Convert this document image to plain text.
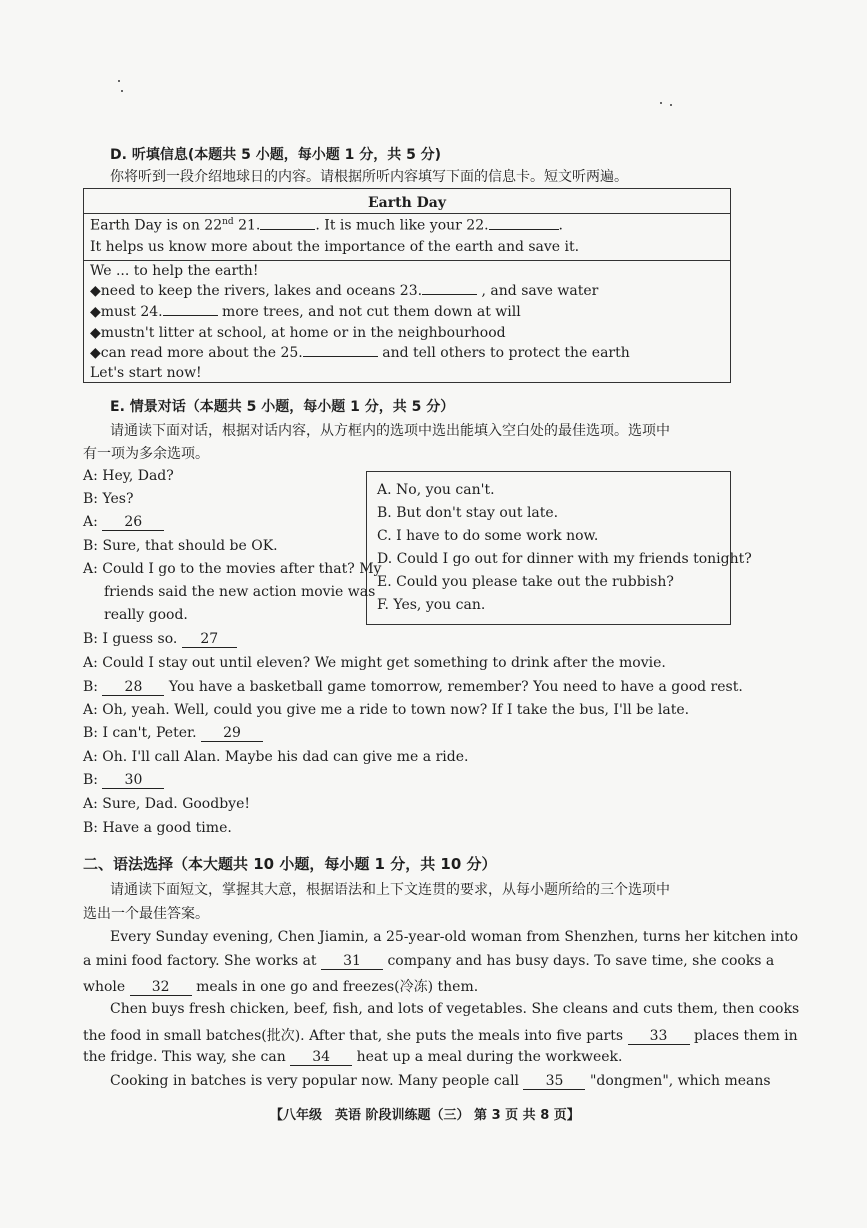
D. 听填信息(本题共 5 小题，每小题 1 分，共 5 分)
你将听到一段介绍地球日的内容。请根据所听内容填写下面的信息卡。短文听两遍。
Earth Day
Earth Day is on 22nd 21.	. It is much like your 22.	.
It helps us know more about the importance of the earth and save it.
We ... to help the earth!
◆need to keep the rivers, lakes and oceans 23.	, and save water
◆must 24.	more trees, and not cut them down at will
◆mustn't litter at school, at home or in the neighbourhood
◆can read more about the 25.	and tell others to protect the earth
Let's start now!
E. 情景对话（本题共 5 小题，每小题 1 分，共 5 分）
请通读下面对话，根据对话内容，从方框内的选项中选出能填入空白处的最佳选项。选项中
有一项为多余选项。
A. No, you can't.
B. But don't stay out late.
C. I have to do some work now.
D. Could I go out for dinner with my friends tonight?
E. Could you please take out the rubbish?
F. Yes, you can.
A: Hey, Dad?
B: Yes?
A: 26
B: Sure, that should be OK.
A: Could I go to the movies after that? My
friends said the new action movie was
really good.
B: I guess so. 27
A: Could I stay out until eleven? We might get something to drink after the movie.
B: 28 You have a basketball game tomorrow, remember? You need to have a good rest.
A: Oh, yeah. Well, could you give me a ride to town now? If I take the bus, I'll be late.
B: I can't, Peter. 29
A: Oh. I'll call Alan. Maybe his dad can give me a ride.
B: 30
A: Sure, Dad. Goodbye!
B: Have a good time.
二、语法选择（本大题共 10 小题，每小题 1 分，共 10 分）
请通读下面短文，掌握其大意，根据语法和上下文连贯的要求，从每小题所给的三个选项中
选出一个最佳答案。
Every Sunday evening, Chen Jiamin, a 25-year-old woman from Shenzhen, turns her kitchen into
a mini food factory. She works at 31 company and has busy days. To save time, she cooks a
whole 32 meals in one go and freezes(冷冻) them.
Chen buys fresh chicken, beef, fish, and lots of vegetables. She cleans and cuts them, then cooks
the food in small batches(批次). After that, she puts the meals into five parts 33 places them in
the fridge. This way, she can 34 heat up a meal during the workweek.
Cooking in batches is very popular now. Many people call 35 "dongmen", which means
【八年级　英语 阶段训练题（三） 第 3 页 共 8 页】
